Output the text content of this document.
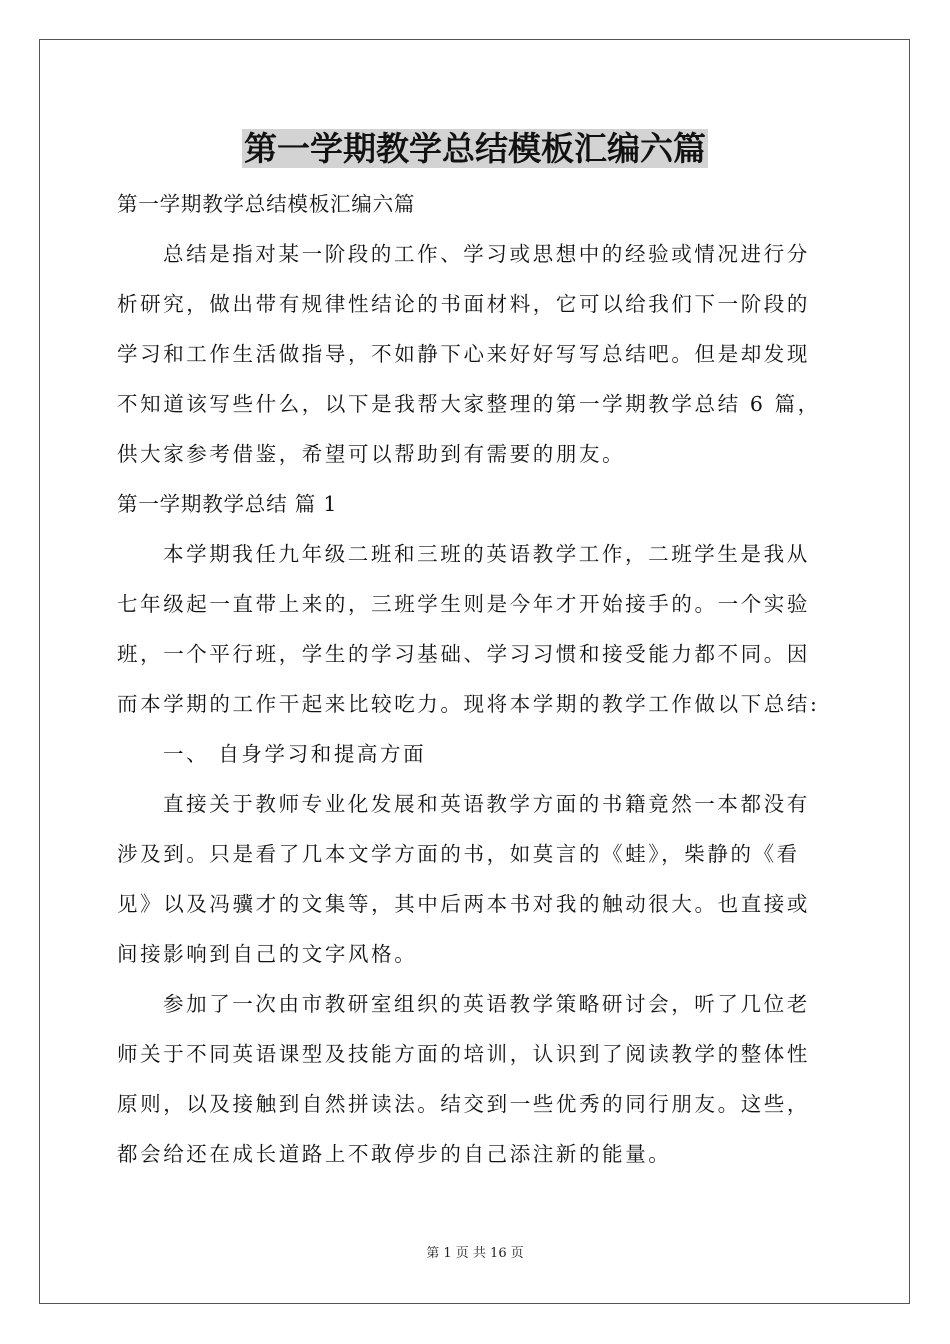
第一学期教学总结模板汇编六篇

第一学期教学总结模板汇编六篇

总结是指对某一阶段的工作、学习或思想中的经验或情况进行分

析研究，做出带有规律性结论的书面材料，它可以给我们下一阶段的

学习和工作生活做指导，不如静下心来好好写写总结吧。但是却发现

不知道该写些什么，以下是我帮大家整理的第一学期教学总结 6 篇，

供大家参考借鉴，希望可以帮助到有需要的朋友。

第一学期教学总结 篇 1

本学期我任九年级二班和三班的英语教学工作，二班学生是我从

七年级起一直带上来的，三班学生则是今年才开始接手的。一个实验

班，一个平行班，学生的学习基础、学习习惯和接受能力都不同。因

而本学期的工作干起来比较吃力。现将本学期的教学工作做以下总结:

一、 自身学习和提高方面

直接关于教师专业化发展和英语教学方面的书籍竟然一本都没有

涉及到。只是看了几本文学方面的书，如莫言的《蛙》，柴静的《看

见》以及冯骥才的文集等，其中后两本书对我的触动很大。也直接或

间接影响到自己的文字风格。

参加了一次由市教研室组织的英语教学策略研讨会，听了几位老

师关于不同英语课型及技能方面的培训，认识到了阅读教学的整体性

原则，以及接触到自然拼读法。结交到一些优秀的同行朋友。这些，

都会给还在成长道路上不敢停步的自己添注新的能量。

第 1 页 共 16 页
